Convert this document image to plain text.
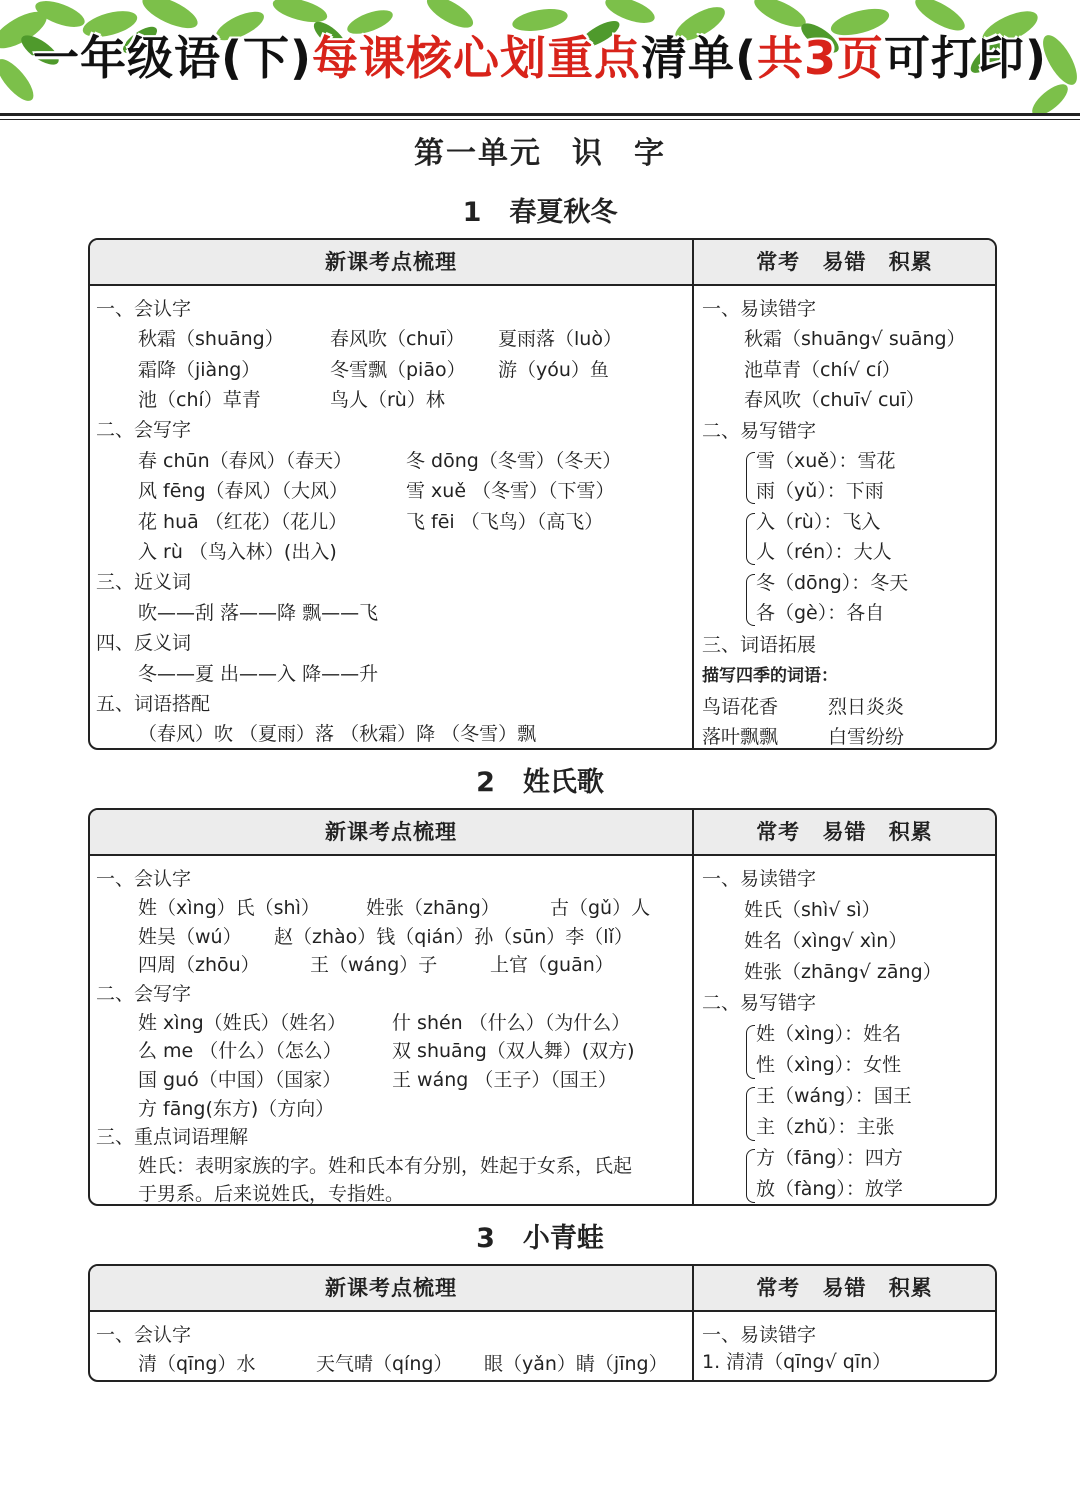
一年级语(下)每课核心划重点清单(共3页可打印)
第一单元 识 字
1 春夏秋冬
新课考点梳理	常考 易错 积累
一、会认字
秋霜（shuāng） 春风吹（chuī） 夏雨落（luò）
霜降（jiàng）	冬雪飘（piāo） 游（yóu）鱼
池（chí）草青	鸟人（rù）林
二、会写字
春 chūn（春风）（春天）	冬 dōng（冬雪）（冬天）
风 fēng（春风）（大风）	雪 xuě （冬雪）（下雪）
花 huā （红花）（花儿）	飞 fēi （飞鸟）（高飞）
入 rù （鸟入林）(出入)
三、近义词
吹——刮 落——降 飘——飞
四、反义词
冬——夏 出——入 降——升
五、词语搭配
（春风）吹 （夏雨）落 （秋霜）降 （冬雪）飘
一、易读错字
秋霜（shuāng√ suāng）
池草青（chí√ cí）
春风吹（chuī√ cuī）
二、易写错字
雪（xuě）：雪花
雨（yǔ）：下雨
入（rù）：飞入
人（rén）：大人
冬（dōng）：冬天
各（gè）：各自
三、词语拓展
描写四季的词语：
鸟语花香	烈日炎炎
落叶飘飘	白雪纷纷
2 姓氏歌
新课考点梳理	常考 易错 积累
一、会认字
姓（xìng）氏（shì） 姓张（zhāng）	古（gǔ）人
姓吴（wú） 赵（zhào）钱（qián）孙（sūn）李（lǐ）
四周（zhōu）	王（wáng）子	上官（guān）
二、会写字
姓 xìng（姓氏）（姓名） 什 shén （什么）（为什么）
么 me （什么）（怎么）	双 shuāng（双人舞）(双方)
国 guó（中国）（国家）	王 wáng （王子）（国王）
方 fāng(东方)（方向）
三、重点词语理解
姓氏：表明家族的字。姓和氏本有分别，姓起于女系，氏起
于男系。后来说姓氏，专指姓。
一、易读错字
姓氏（shì√ sì）
姓名（xìng√ xìn）
姓张（zhāng√ zāng）
二、易写错字
姓（xìng）：姓名
性（xìng）：女性
王（wáng）：国王
主（zhǔ）：主张
方（fāng）：四方
放（fàng）：放学
3 小青蛙
新课考点梳理	常考 易错 积累
一、会认字
清（qīng）水	天气晴（qíng） 眼（yǎn）睛（jīng）
一、易读错字
1. 清清（qīng√ qīn）
